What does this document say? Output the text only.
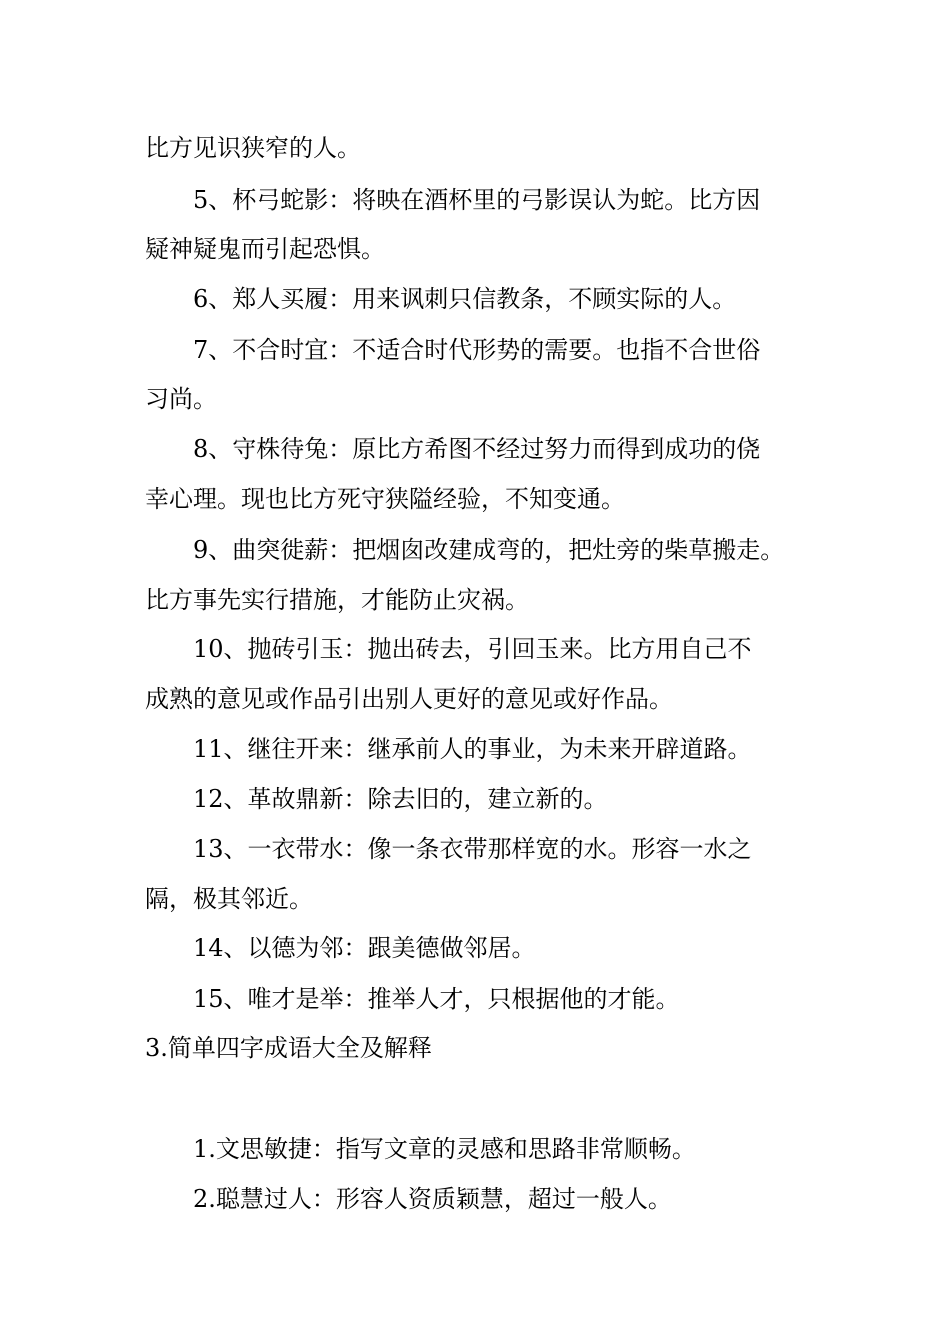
比方见识狭窄的人。
5、杯弓蛇影：将映在酒杯里的弓影误认为蛇。比方因
疑神疑鬼而引起恐惧。
6、郑人买履：用来讽刺只信教条，不顾实际的人。
7、不合时宜：不适合时代形势的需要。也指不合世俗
习尚。
8、守株待兔：原比方希图不经过努力而得到成功的侥
幸心理。现也比方死守狭隘经验，不知变通。
9、曲突徙薪：把烟囱改建成弯的，把灶旁的柴草搬走。
比方事先实行措施，才能防止灾祸。
10、抛砖引玉：抛出砖去，引回玉来。比方用自己不
成熟的意见或作品引出别人更好的意见或好作品。
11、继往开来：继承前人的事业，为未来开辟道路。
12、革故鼎新：除去旧的，建立新的。
13、一衣带水：像一条衣带那样宽的水。形容一水之
隔，极其邻近。
14、以德为邻：跟美德做邻居。
15、唯才是举：推举人才，只根据他的才能。
3.简单四字成语大全及解释
1.文思敏捷：指写文章的灵感和思路非常顺畅。
2.聪慧过人：形容人资质颖慧，超过一般人。
